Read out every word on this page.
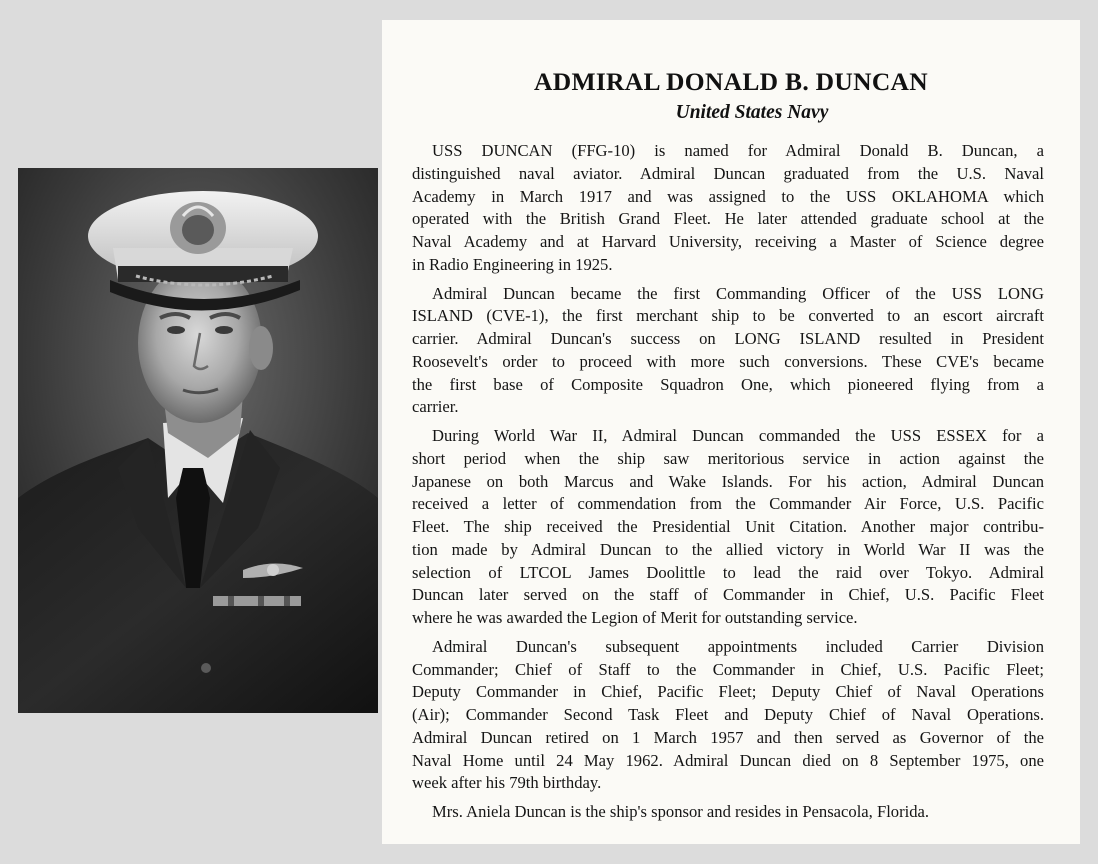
ADMIRAL DONALD B. DUNCAN
United States Navy

USS DUNCAN (FFG-10) is named for Admiral Donald B. Duncan, a
distinguished naval aviator. Admiral Duncan graduated from the U.S. Naval
Academy in March 1917 and was assigned to the USS OKLAHOMA which
operated with the British Grand Fleet. He later attended graduate school at the
Naval Academy and at Harvard University, receiving a Master of Science degree
in Radio Engineering in 1925.

Admiral Duncan became the first Commanding Officer of the USS LONG
ISLAND (CVE-1), the first merchant ship to be converted to an escort aircraft
carrier. Admiral Duncan's success on LONG ISLAND resulted in President
Roosevelt's order to proceed with more such conversions. These CVE's became
the first base of Composite Squadron One, which pioneered flying from a
carrier.

During World War II, Admiral Duncan commanded the USS ESSEX for a
short period when the ship saw meritorious service in action against the
Japanese on both Marcus and Wake Islands. For his action, Admiral Duncan
received a letter of commendation from the Commander Air Force, U.S. Pacific
Fleet. The ship received the Presidential Unit Citation. Another major contribu-
tion made by Admiral Duncan to the allied victory in World War II was the
selection of LTCOL James Doolittle to lead the raid over Tokyo. Admiral
Duncan later served on the staff of Commander in Chief, U.S. Pacific Fleet
where he was awarded the Legion of Merit for outstanding service.

Admiral Duncan's subsequent appointments included Carrier Division
Commander; Chief of Staff to the Commander in Chief, U.S. Pacific Fleet;
Deputy Commander in Chief, Pacific Fleet; Deputy Chief of Naval Operations
(Air); Commander Second Task Fleet and Deputy Chief of Naval Operations.
Admiral Duncan retired on 1 March 1957 and then served as Governor of the
Naval Home until 24 May 1962. Admiral Duncan died on 8 September 1975, one
week after his 79th birthday.

Mrs. Aniela Duncan is the ship's sponsor and resides in Pensacola, Florida.
